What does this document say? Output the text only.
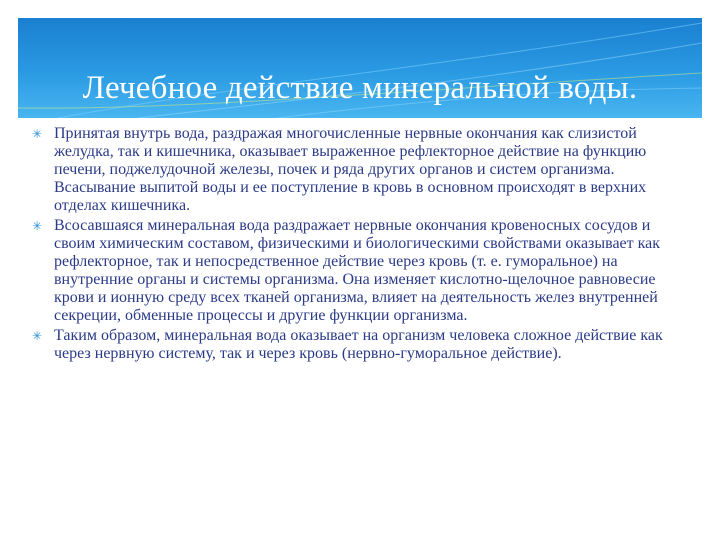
Лечебное действие минеральной воды.

✳ Принятая внутрь вода, раздражая многочисленные нервные окончания как слизистой желудка, так и кишечника, оказывает выраженное рефлекторное действие на функцию печени, поджелудочной железы, почек и ряда других органов и систем организма. Всасывание выпитой воды и ее поступление в кровь в основном происходят в верхних отделах кишечника.

✳ Всосавшаяся минеральная вода раздражает нервные окончания кровеносных сосудов и своим химическим составом, физическими и биологическими свойствами оказывает как рефлекторное, так и непосредственное действие через кровь (т. е. гуморальное) на внутренние органы и системы организма. Она изменяет кислотно-щелочное равновесие крови и ионную среду всех тканей организма, влияет на деятельность желез внутренней секреции, обменные процессы и другие функции организма.

✳ Таким образом, минеральная вода оказывает на организм человека сложное действие как через нервную систему, так и через кровь (нервно-гуморальное действие).
